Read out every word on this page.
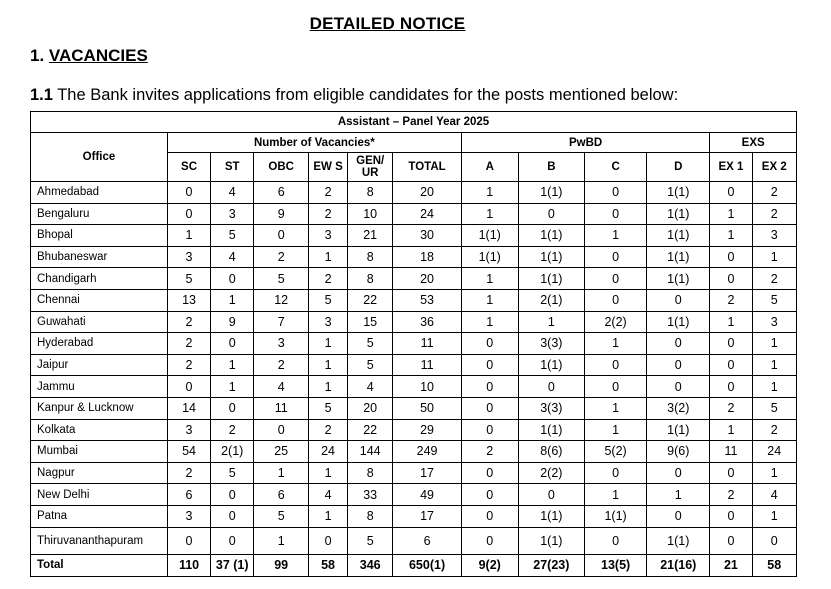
DETAILED NOTICE
1. VACANCIES
1.1 The Bank invites applications from eligible candidates for the posts mentioned below:
Assistant – Panel Year 2025												
Office	Number of Vacancies*						PwBD				EXS	
	SC	ST	OBC	EW S	GEN/ UR	TOTAL	A	B	C	D	EX 1	EX 2
Ahmedabad	0	4	6	2	8	20	1	1(1)	0	1(1)	0	2
Bengaluru	0	3	9	2	10	24	1	0	0	1(1)	1	2
Bhopal	1	5	0	3	21	30	1(1)	1(1)	1	1(1)	1	3
Bhubaneswar	3	4	2	1	8	18	1(1)	1(1)	0	1(1)	0	1
Chandigarh	5	0	5	2	8	20	1	1(1)	0	1(1)	0	2
Chennai	13	1	12	5	22	53	1	2(1)	0	0	2	5
Guwahati	2	9	7	3	15	36	1	1	2(2)	1(1)	1	3
Hyderabad	2	0	3	1	5	11	0	3(3)	1	0	0	1
Jaipur	2	1	2	1	5	11	0	1(1)	0	0	0	1
Jammu	0	1	4	1	4	10	0	0	0	0	0	1
Kanpur & Lucknow	14	0	11	5	20	50	0	3(3)	1	3(2)	2	5
Kolkata	3	2	0	2	22	29	0	1(1)	1	1(1)	1	2
Mumbai	54	2(1)	25	24	144	249	2	8(6)	5(2)	9(6)	11	24
Nagpur	2	5	1	1	8	17	0	2(2)	0	0	0	1
New Delhi	6	0	6	4	33	49	0	0	1	1	2	4
Patna	3	0	5	1	8	17	0	1(1)	1(1)	0	0	1
Thiruvananthapuram	0	0	1	0	5	6	0	1(1)	0	1(1)	0	0
Total	110	37 (1)	99	58	346	650(1)	9(2)	27(23)	13(5)	21(16)	21	58
